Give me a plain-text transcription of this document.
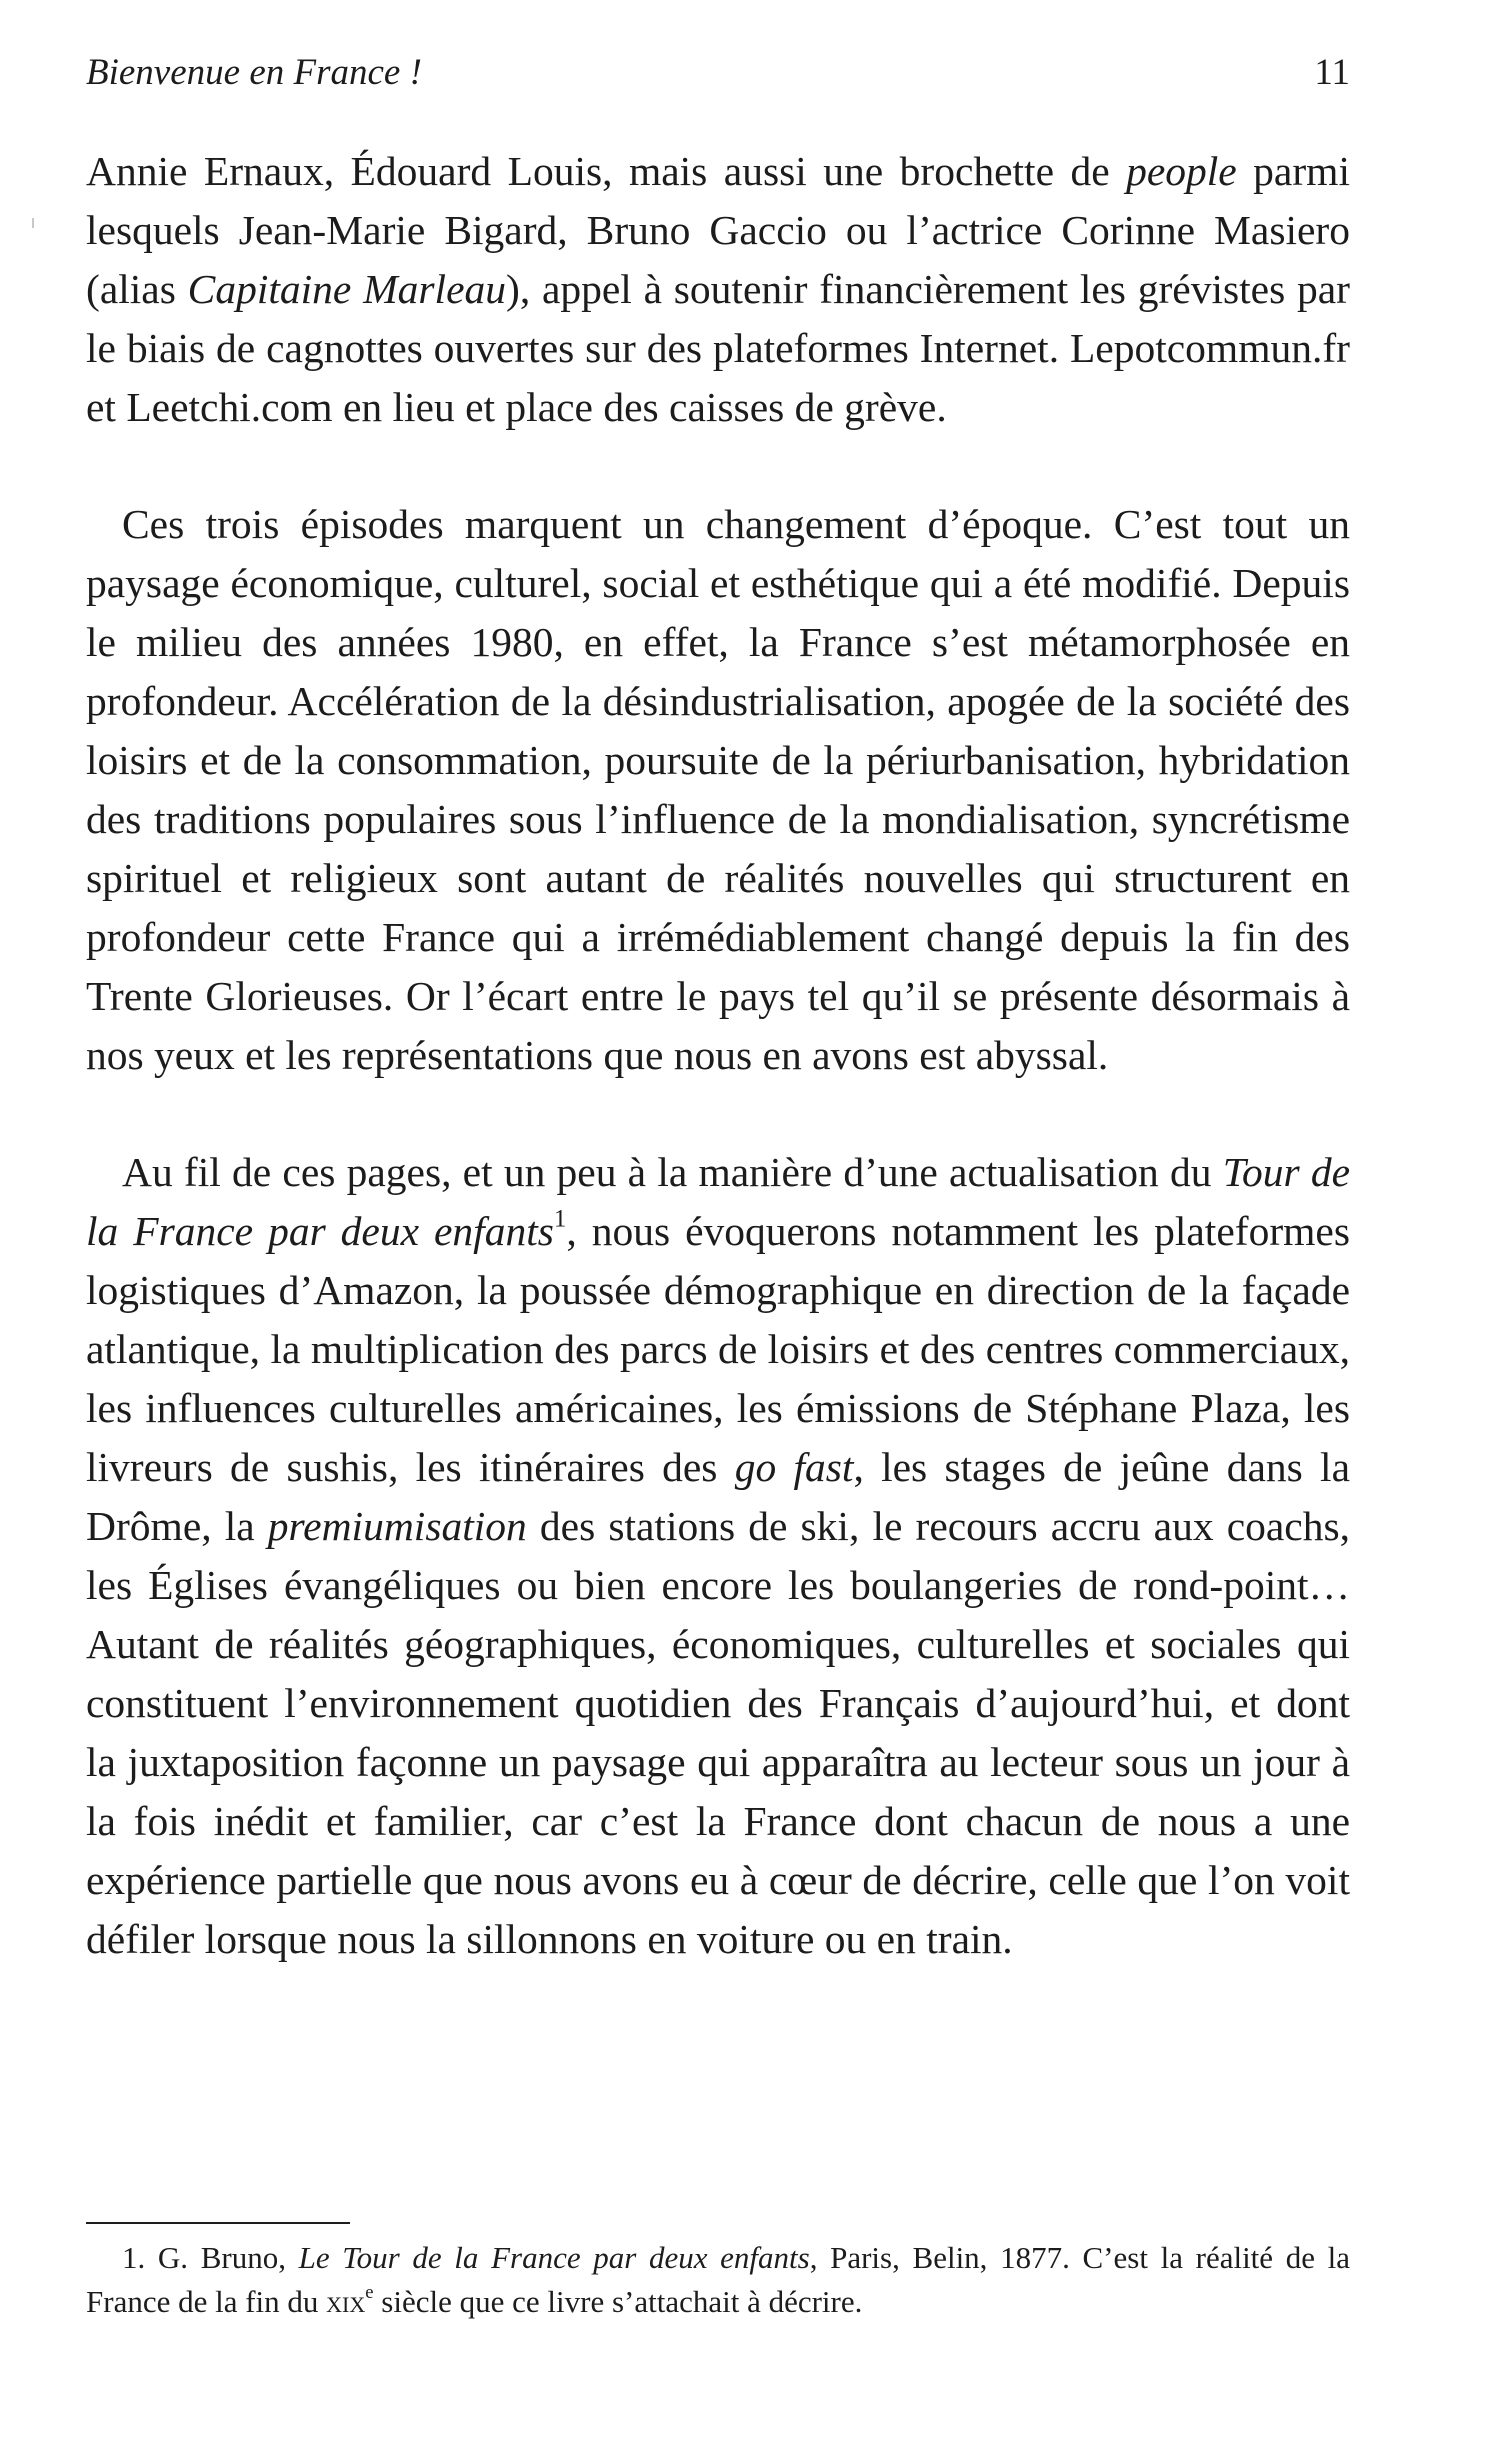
Bienvenue en France !	11

Annie Ernaux, Édouard Louis, mais aussi une brochette de people parmi lesquels Jean-Marie Bigard, Bruno Gaccio ou l’actrice Corinne Masiero (alias Capitaine Marleau), appel à soutenir financièrement les grévistes par le biais de cagnottes ouvertes sur des plateformes Internet. Lepotcommun.fr et Leetchi.com en lieu et place des caisses de grève.

Ces trois épisodes marquent un changement d’époque. C’est tout un paysage économique, culturel, social et esthétique qui a été modifié. Depuis le milieu des années 1980, en effet, la France s’est métamorphosée en profondeur. Accélération de la désindustrialisation, apogée de la société des loisirs et de la consommation, poursuite de la périurbanisation, hybridation des traditions populaires sous l’influence de la mondialisation, syncrétisme spirituel et religieux sont autant de réalités nouvelles qui structurent en profondeur cette France qui a irrémédiablement changé depuis la fin des Trente Glorieuses. Or l’écart entre le pays tel qu’il se présente désormais à nos yeux et les représentations que nous en avons est abyssal.

Au fil de ces pages, et un peu à la manière d’une actualisation du Tour de la France par deux enfants$^1$, nous évoquerons notamment les plateformes logistiques d’Amazon, la poussée démographique en direction de la façade atlantique, la multiplication des parcs de loisirs et des centres commerciaux, les influences culturelles américaines, les émissions de Stéphane Plaza, les livreurs de sushis, les itinéraires des go fast, les stages de jeûne dans la Drôme, la premiumisation des stations de ski, le recours accru aux coachs, les Églises évangéliques ou bien encore les boulangeries de rond-point… Autant de réalités géographiques, économiques, culturelles et sociales qui constituent l’environnement quotidien des Français d’aujourd’hui, et dont la juxtaposition façonne un paysage qui apparaîtra au lecteur sous un jour à la fois inédit et familier, car c’est la France dont chacun de nous a une expérience partielle que nous avons eu à cœur de décrire, celle que l’on voit défiler lorsque nous la sillonnons en voiture ou en train.

1. G. Bruno, Le Tour de la France par deux enfants, Paris, Belin, 1877. C’est la réalité de la France de la fin du xix$^e$ siècle que ce livre s’attachait à décrire.
